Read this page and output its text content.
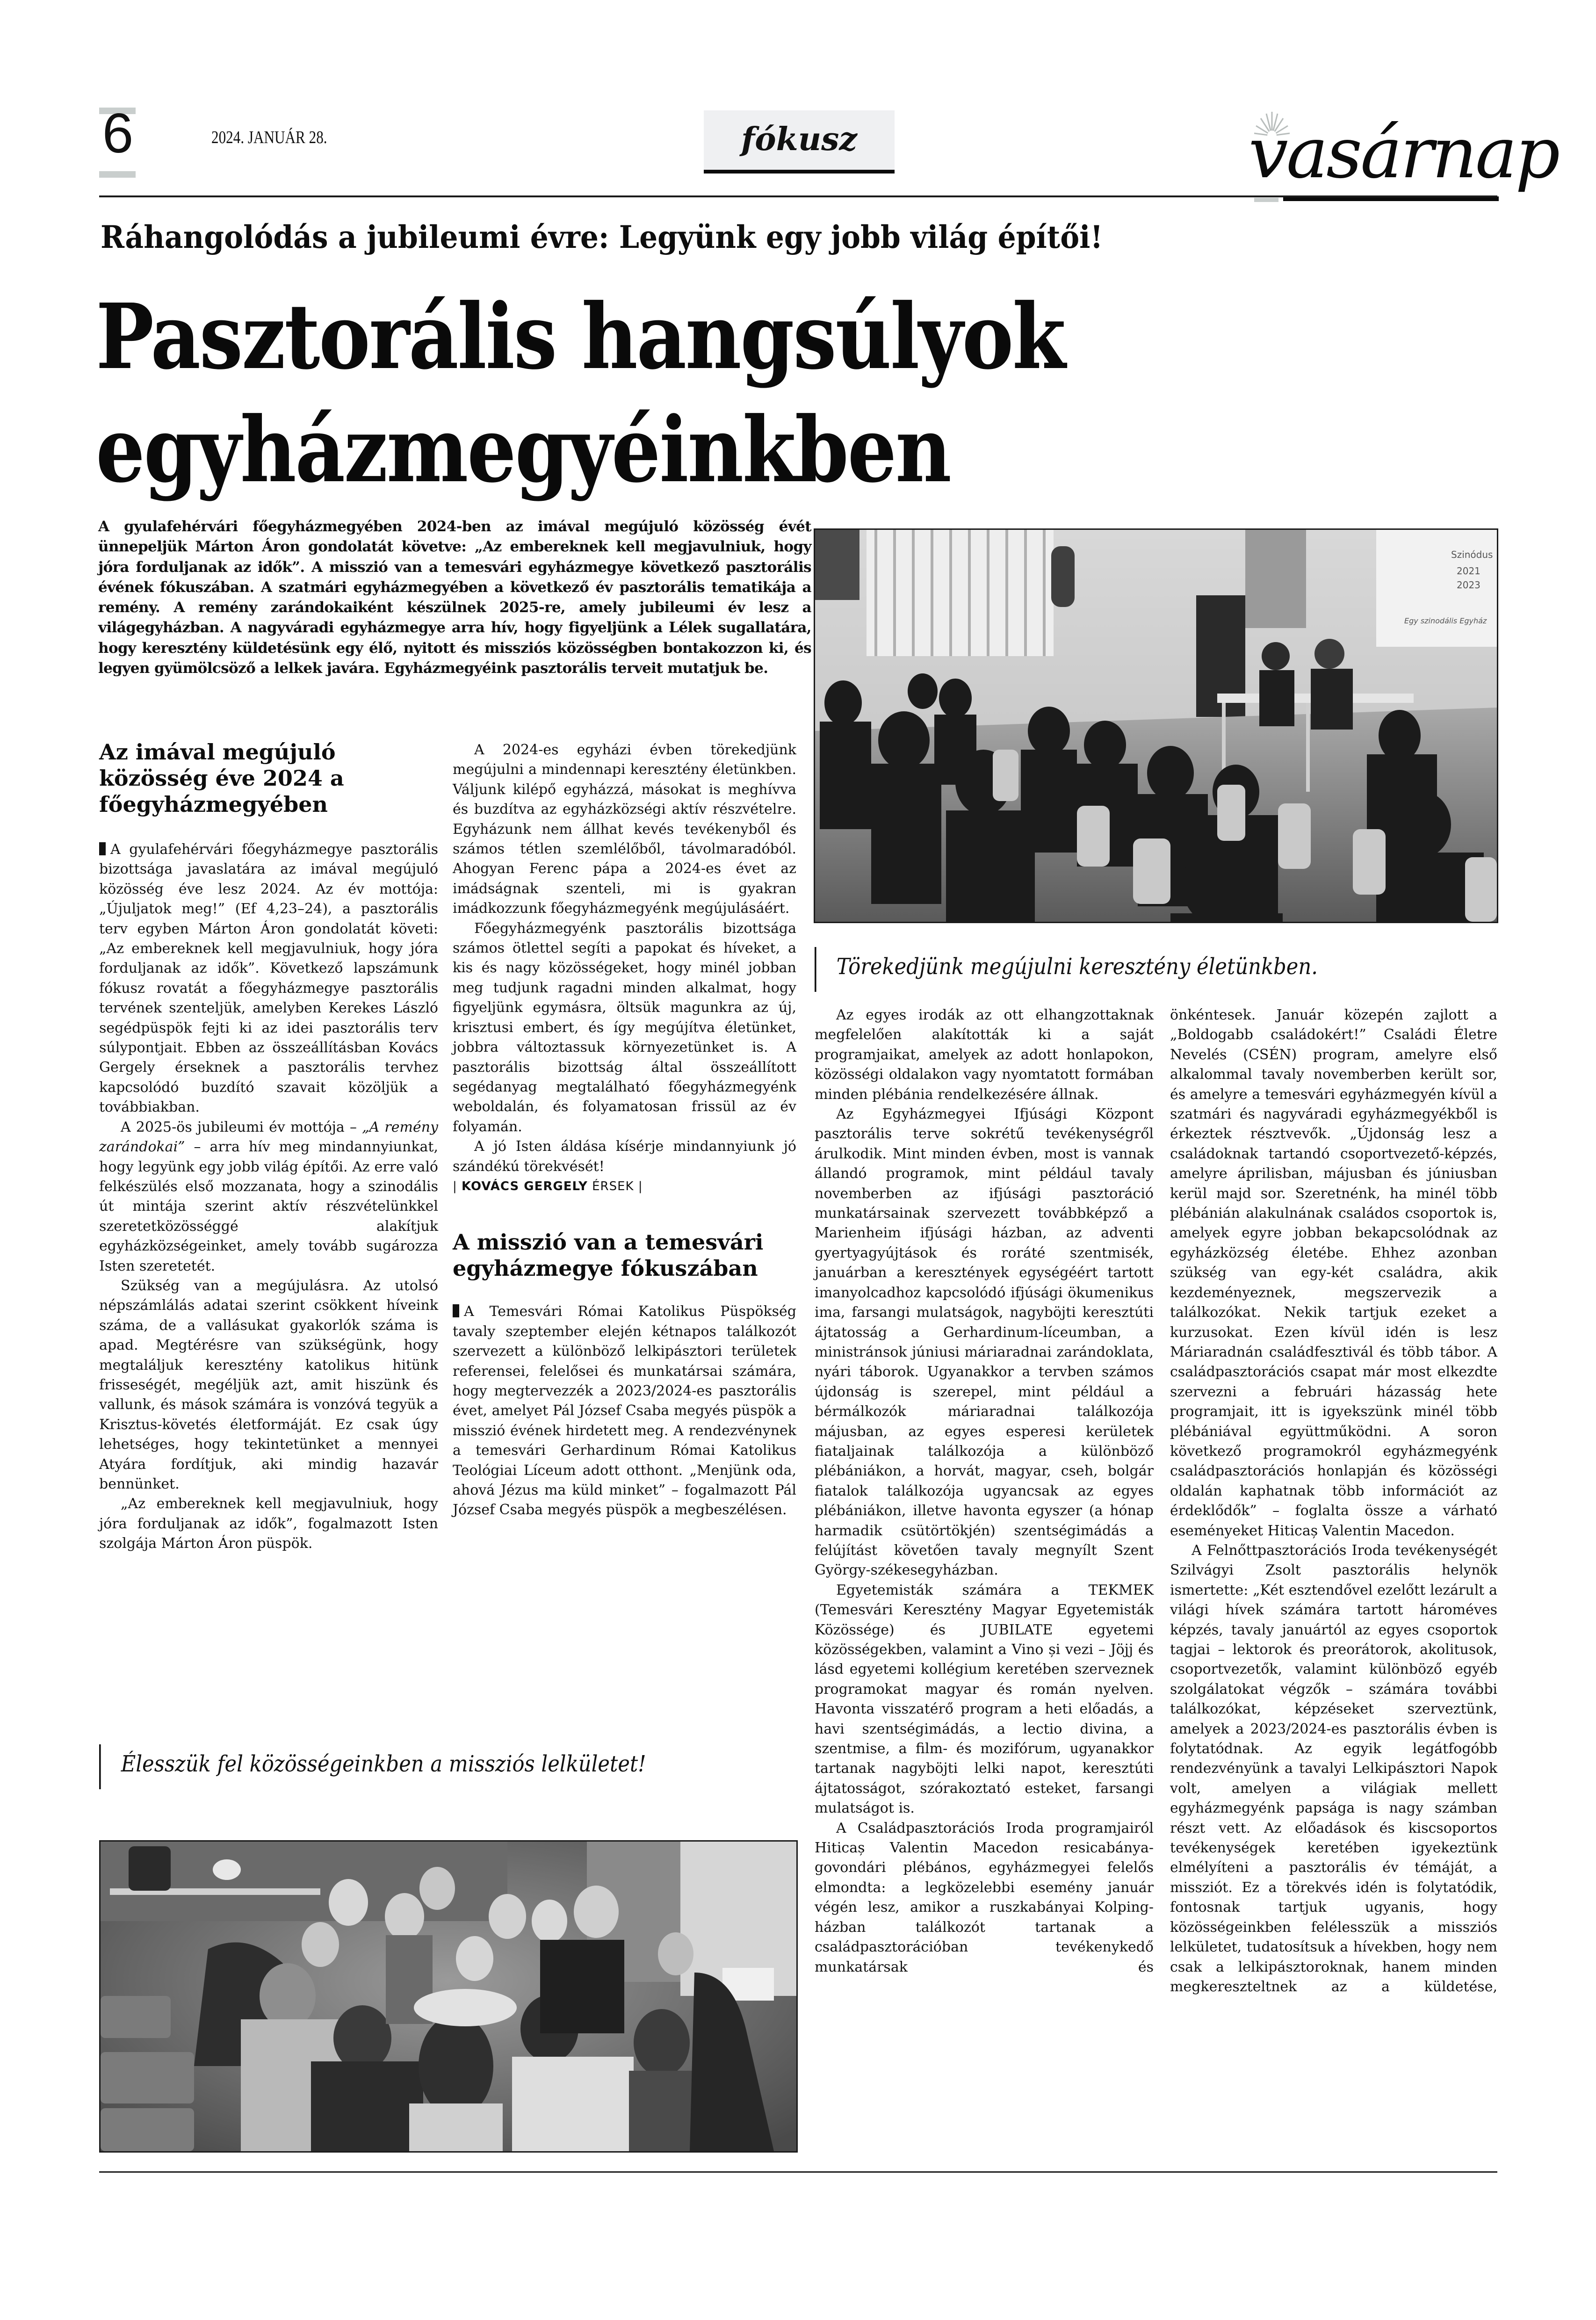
6	2024. JANUÁR 28.	fókusz	vasárnap
Ráhangolódás a jubileumi évre: Legyünk egy jobb világ építői!
Pasztorális hangsúlyok
egyházmegyéinkben
A gyulafehérvári főegyházmegyében 2024-ben az imával megújuló közösség évét ünnepeljük Márton Áron gondolatát követve: „Az embereknek kell megjavulniuk, hogy jóra forduljanak az idők”. A misszió van a temesvári egyházmegye következő pasztorális évének fókuszában. A szatmári egyházmegyében a következő év pasztorális tematikája a remény. A remény zarándokaiként készülnek 2025-re, amely jubileumi év lesz a világegyházban. A nagyváradi egyházmegye arra hív, hogy figyeljünk a Lélek sugallatára, hogy keresztény küldetésünk egy élő, nyitott és missziós közösségben bontakozzon ki, és legyen gyümölcsöző a lelkek javára. Egyházmegyéink pasztorális terveit mutatjuk be.
Szinódus
2021
2023
Egy szinodális Egyház
Törekedjünk megújulni keresztény életünkben.
Az imával megújuló közösség éve 2024 a főegyházmegyében

A gyulafehérvári főegyházmegye pasztorális bizottsága javaslatára az imával megújuló közösség éve lesz 2024. Az év mottója: „Újuljatok meg!” (Ef 4,23–24), a pasztorális terv egyben Márton Áron gondolatát követi: „Az embereknek kell megjavulniuk, hogy jóra forduljanak az idők”. Következő lapszámunk fókusz rovatát a főegyházmegye pasztorális tervének szenteljük, amelyben Kerekes László segédpüspök fejti ki az idei pasztorális terv súlypontjait. Ebben az összeállításban Kovács Gergely érseknek a pasztorális tervhez kapcsolódó buzdító szavait közöljük a továbbiakban.

A 2025-ös jubileumi év mottója – „A remény zarándokai” – arra hív meg mindannyiunkat, hogy legyünk egy jobb világ építői. Az erre való felkészülés első mozzanata, hogy a szinodális út mintája szerint aktív részvételünkkel szeretetközösséggé alakítjuk egyházközségeinket, amely tovább sugározza Isten szeretetét.

Szükség van a megújulásra. Az utolsó népszámlálás adatai szerint csökkent híveink száma, de a vallásukat gyakorlók száma is apad. Megtérésre van szükségünk, hogy megtaláljuk keresztény katolikus hitünk frisseségét, megéljük azt, amit hiszünk és vallunk, és mások számára is vonzóvá tegyük a Krisztus-követés életformáját. Ez csak úgy lehetséges, hogy tekintetünket a mennyei Atyára fordítjuk, aki mindig hazavár bennünket.

„Az embereknek kell megjavulniuk, hogy jóra forduljanak az idők”, fogalmazott Isten szolgája Márton Áron püspök.

A 2024-es egyházi évben törekedjünk megújulni a mindennapi keresztény életünkben. Váljunk kilépő egyházzá, másokat is meghívva és buzdítva az egyházközségi aktív részvételre. Egyházunk nem állhat kevés tevékenyből és számos tétlen szemlélőből, távolmaradóból. Ahogyan Ferenc pápa a 2024-es évet az imádságnak szenteli, mi is gyakran imádkozzunk főegyházmegyénk megújulásáért.

Főegyházmegyénk pasztorális bizottsága számos ötlettel segíti a papokat és híveket, a kis és nagy közösségeket, hogy minél jobban meg tudjunk ragadni minden alkalmat, hogy figyeljünk egymásra, öltsük magunkra az új, krisztusi embert, és így megújítva életünket, jobbra változtassuk környezetünket is. A pasztorális bizottság által összeállított segédanyag megtalálható főegyházmegyénk weboldalán, és folyamatosan frissül az év folyamán.

A jó Isten áldása kísérje mindannyiunk jó szándékú törekvését!

| KOVÁCS GERGELY ÉRSEK |

A misszió van a temesvári egyházmegye fókuszában

A Temesvári Római Katolikus Püspökség tavaly szeptember elején kétnapos találkozót szervezett a különböző lelkipásztori területek referensei, felelősei és munkatársai számára, hogy megtervezzék a 2023/2024-es pasztorális évet, amelyet Pál József Csaba megyés püspök a misszió évének hirdetett meg. A rendezvénynek a temesvári Gerhardinum Római Katolikus Teológiai Líceum adott otthont. „Menjünk oda, ahová Jézus ma küld minket” – fogalmazott Pál József Csaba megyés püspök a megbeszélésen.

Az egyes irodák az ott elhangzottaknak megfelelően alakították ki a saját programjaikat, amelyek az adott honlapokon, közösségi oldalakon vagy nyomtatott formában minden plébánia rendelkezésére állnak.

Az Egyházmegyei Ifjúsági Központ pasztorális terve sokrétű tevékenységről árulkodik. Mint minden évben, most is vannak állandó programok, mint például tavaly novemberben az ifjúsági pasztoráció munkatársainak szervezett továbbképző a Marienheim ifjúsági házban, az adventi gyertyagyújtások és roráté szentmisék, januárban a keresztények egységéért tartott imanyolcadhoz kapcsolódó ifjúsági ökumenikus ima, farsangi mulatságok, nagyböjti keresztúti ájtatosság a Gerhardinum-líceumban, a ministránsok júniusi máriaradnai zarándoklata, nyári táborok. Ugyanakkor a tervben számos újdonság is szerepel, mint például a bérmálkozók máriaradnai találkozója májusban, az egyes esperesi kerületek fiataljainak találkozója a különböző plébániákon, a horvát, magyar, cseh, bolgár fiatalok találkozója ugyancsak az egyes plébániákon, illetve havonta egyszer (a hónap harmadik csütörtökjén) szentségimádás a felújítást követően tavaly megnyílt Szent György-székesegyházban.

Egyetemisták számára a TEKMEK (Temesvári Keresztény Magyar Egyetemisták Közössége) és JUBILATE egyetemi közösségekben, valamint a Vino și vezi – Jöjj és lásd egyetemi kollégium keretében szerveznek programokat magyar és román nyelven. Havonta visszatérő program a heti előadás, a havi szentségimádás, a lectio divina, a szentmise, a film- és mozifórum, ugyanakkor tartanak nagyböjti lelki napot, keresztúti ájtatosságot, szórakoztató esteket, farsangi mulatságot is.

A Családpasztorációs Iroda programjairól Hiticaș Valentin Macedon resicabánya-govondári plébános, egyházmegyei felelős elmondta: a legközelebbi esemény január végén lesz, amikor a ruszkabányai Kolping-házban találkozót tartanak a családpasztorációban tevékenykedő munkatársak és

önkéntesek. Január közepén zajlott a „Boldogabb családokért!” Családi Életre Nevelés (CSÉN) program, amelyre első alkalommal tavaly novemberben került sor, és amelyre a temesvári egyházmegyén kívül a szatmári és nagyváradi egyházmegyékből is érkeztek résztvevők. „Újdonság lesz a családoknak tartandó csoportvezető-képzés, amelyre áprilisban, májusban és júniusban kerül majd sor. Szeretnénk, ha minél több plébánián alakulnának családos csoportok is, amelyek egyre jobban bekapcsolódnak az egyházközség életébe. Ehhez azonban szükség van egy-két családra, akik kezdeményeznek, megszervezik a találkozókat. Nekik tartjuk ezeket a kurzusokat. Ezen kívül idén is lesz Máriaradnán családfesztivál és több tábor. A családpasztorációs csapat már most elkezdte szervezni a februári házasság hete programjait, itt is igyekszünk minél több plébániával együttműködni. A soron következő programokról egyházmegyénk családpasztorációs honlapján és közösségi oldalán kaphatnak több információt az érdeklődők” – foglalta össze a várható eseményeket Hiticaș Valentin Macedon.

A Felnőttpasztorációs Iroda tevékenységét Szilvágyi Zsolt pasztorális helynök ismertette: „Két esztendővel ezelőtt lezárult a világi hívek számára tartott hároméves képzés, tavaly januártól az egyes csoportok tagjai – lektorok és preorátorok, akolitusok, csoportvezetők, valamint különböző egyéb szolgálatokat végzők – számára további találkozókat, képzéseket szerveztünk, amelyek a 2023/2024-es pasztorális évben is folytatódnak. Az egyik legátfogóbb rendezvényünk a tavalyi Lelkipásztori Napok volt, amelyen a világiak mellett egyházmegyénk papsága is nagy számban részt vett. Az előadások és kiscsoportos tevékenységek keretében igyekeztünk elmélyíteni a pasztorális év témáját, a missziót. Ez a törekvés idén is folytatódik, fontosnak tartjuk ugyanis, hogy közösségeinkben felélesszük a missziós lelkületet, tudatosítsuk a hívekben, hogy nem csak a lelkipásztoroknak, hanem minden megkereszteltnek az a küldetése,

Élesszük fel közösségeinkben a missziós lelkületet!
